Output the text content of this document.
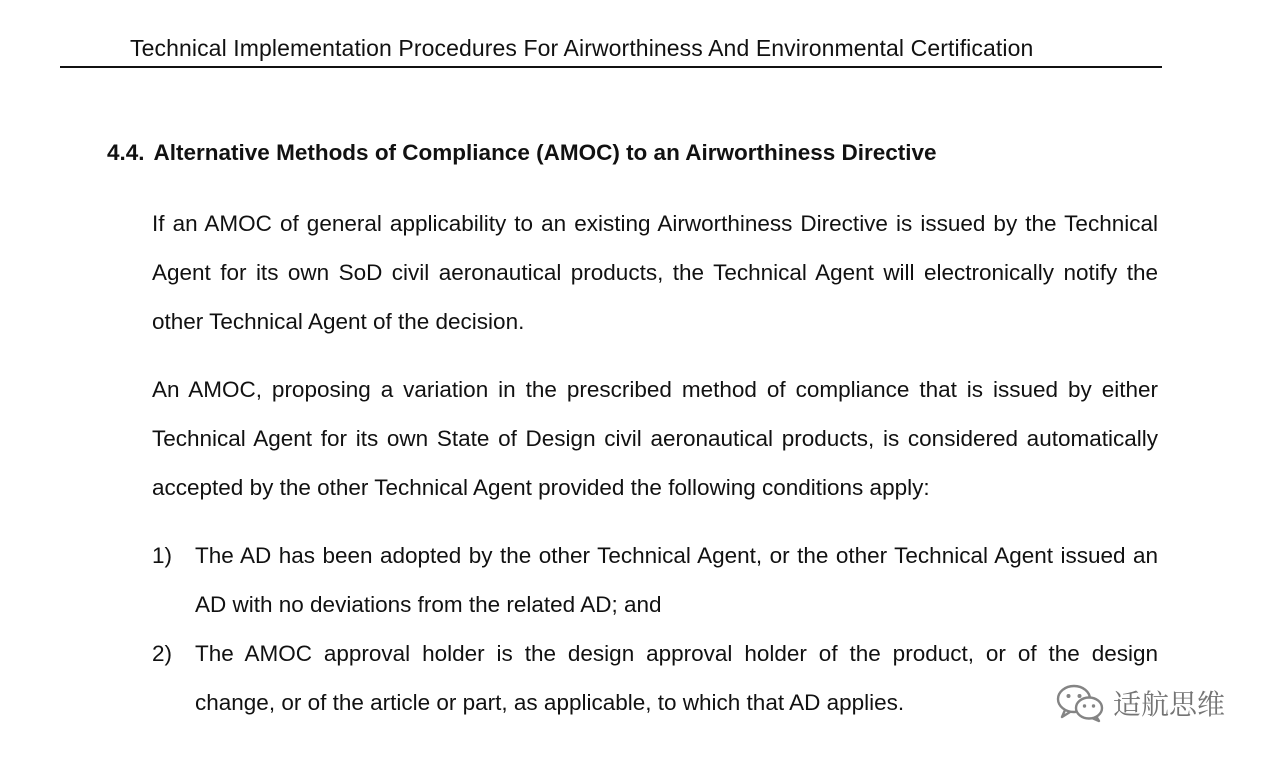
Technical Implementation Procedures For Airworthiness And Environmental Certification
4.4. Alternative Methods of Compliance (AMOC) to an Airworthiness Directive

If an AMOC of general applicability to an existing Airworthiness Directive is issued by the Technical Agent for its own SoD civil aeronautical products, the Technical Agent will electronically notify the other Technical Agent of the decision.

An AMOC, proposing a variation in the prescribed method of compliance that is issued by either Technical Agent for its own State of Design civil aeronautical products, is considered automatically accepted by the other Technical Agent provided the following conditions apply:

1) The AD has been adopted by the other Technical Agent, or the other Technical Agent issued an AD with no deviations from the related AD; and
2) The AMOC approval holder is the design approval holder of the product, or of the design change, or of the article or part, as applicable, to which that AD applies.	适航思维
